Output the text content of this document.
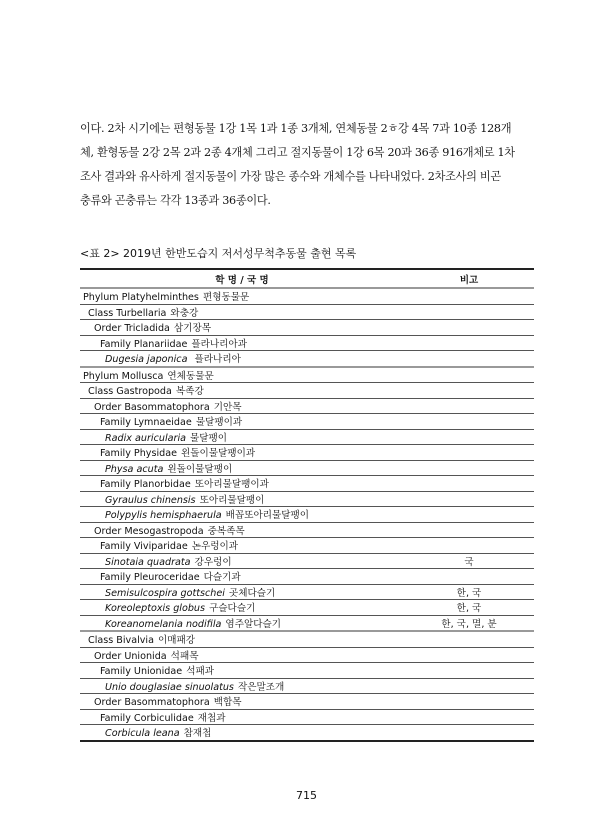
이다. 2차 시기에는 편형동물 1강 1목 1과 1종 3개체, 연체동물 2ㅎ강 4목 7과 10종 128개
체, 환형동물 2강 2목 2과 2종 4개체 그리고 절지동물이 1강 6목 20과 36종 916개체로 1차
조사 결과와 유사하게 절지동물이 가장 많은 종수와 개체수를 나타내었다. 2차조사의 비곤
충류와 곤충류는 각각 13종과 36종이다.
<표 2> 2019년 한반도습지 저서성무척추동물 출현 목록
학 명 / 국 명	비고
Phylum Platyhelminthes 편형동물문	
Class Turbellaria 와충강	
Order Tricladida 삼기장목	
Family Planariidae 플라나리아과	
Dugesia japonica 플라나리아	
Phylum Mollusca 연체동물문	
Class Gastropoda 복족강	
Order Basommatophora 기안목	
Family Lymnaeidae 물달팽이과	
Radix auricularia 물달팽이	
Family Physidae 왼돌이물달팽이과	
Physa acuta 왼돌이물달팽이	
Family Planorbidae 또아리물달팽이과	
Gyraulus chinensis 또아리물달팽이	
Polypylis hemisphaerula 배꼽또아리물달팽이	
Order Mesogastropoda 중복족목	
Family Viviparidae 논우렁이과	
Sinotaia quadrata 강우렁이	국
Family Pleuroceridae 다슬기과	
Semisulcospira gottschei 곳체다슬기	한, 국
Koreoleptoxis globus 구슬다슬기	한, 국
Koreanomelania nodifila 염주알다슬기	한, 국, 멸, 분
Class Bivalvia 이매패강	
Order Unionida 석패목	
Family Unionidae 석패과	
Unio douglasiae sinuolatus 작은말조개	
Order Basommatophora 백합목	
Family Corbiculidae 재첩과	
Corbicula leana 참재첩	
715
